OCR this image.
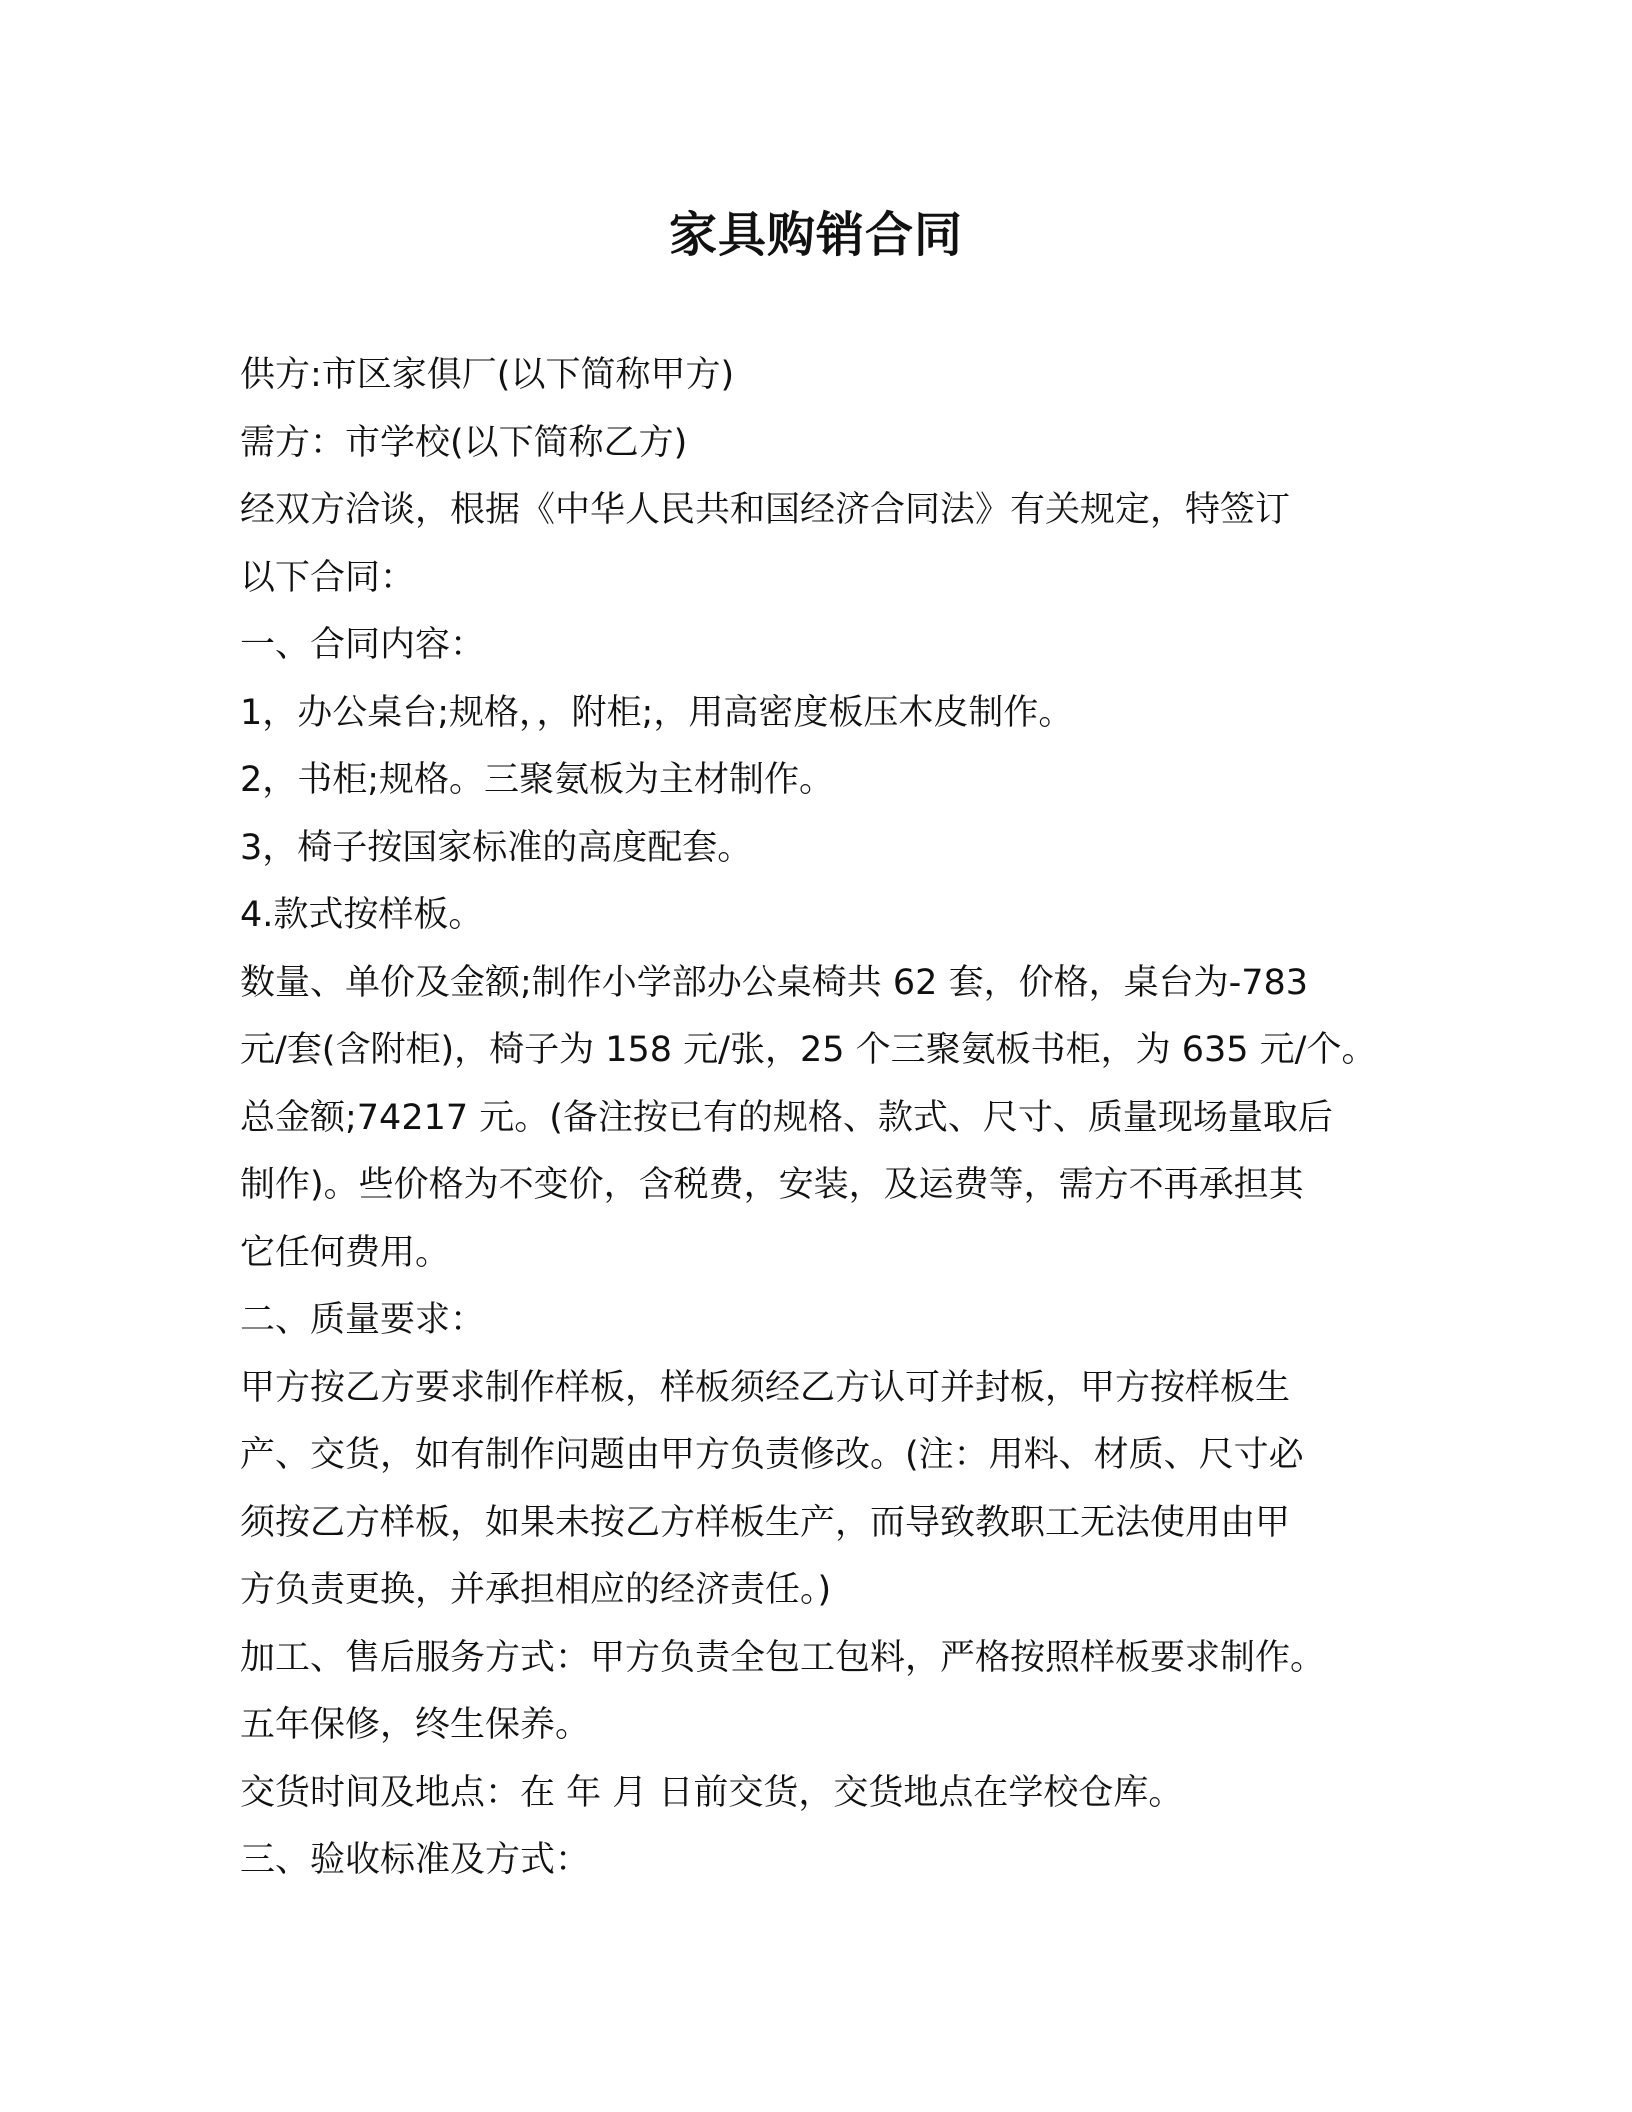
家具购销合同
供方:市区家俱厂(以下简称甲方)
需方：市学校(以下简称乙方)
经双方洽谈，根据《中华人民共和国经济合同法》有关规定，特签订
以下合同：
一、合同内容：
1，办公桌台;规格，，附柜;，用高密度板压木皮制作。
2，书柜;规格。三聚氨板为主材制作。
3，椅子按国家标准的高度配套。
4.款式按样板。
数量、单价及金额;制作小学部办公桌椅共 62 套，价格，桌台为-783
元/套(含附柜)，椅子为 158 元/张，25 个三聚氨板书柜，为 635 元/个。
总金额;74217 元。(备注按已有的规格、款式、尺寸、质量现场量取后
制作)。些价格为不变价，含税费，安装，及运费等，需方不再承担其
它任何费用。
二、质量要求：
甲方按乙方要求制作样板，样板须经乙方认可并封板，甲方按样板生
产、交货，如有制作问题由甲方负责修改。(注：用料、材质、尺寸必
须按乙方样板，如果未按乙方样板生产，而导致教职工无法使用由甲
方负责更换，并承担相应的经济责任。)
加工、售后服务方式：甲方负责全包工包料，严格按照样板要求制作。
五年保修，终生保养。
交货时间及地点：在 年 月 日前交货，交货地点在学校仓库。
三、验收标准及方式：
